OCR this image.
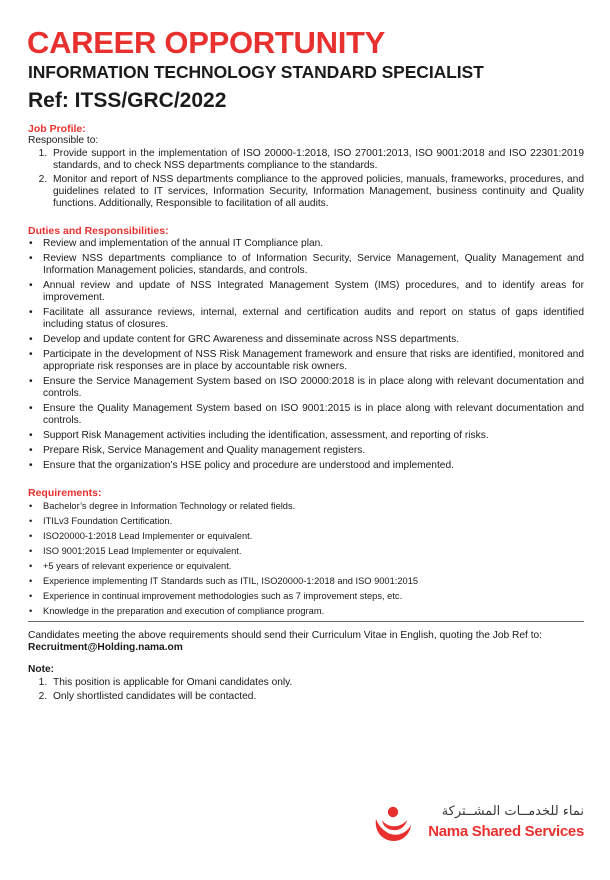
CAREER OPPORTUNITY
INFORMATION TECHNOLOGY STANDARD SPECIALIST
Ref: ITSS/GRC/2022

Job Profile:

Responsible to:

1. Provide support in the implementation of ISO 20000-1:2018, ISO 27001:2013, ISO 9001:2018 and ISO 22301:2019 standards, and to check NSS departments compliance to the standards.
2. Monitor and report of NSS departments compliance to the approved policies, manuals, frameworks, procedures, and guidelines related to IT services, Information Security, Information Management, business continuity and Quality functions. Additionally, Responsible to facilitation of all audits.

Duties and Responsibilities:

• Review and implementation of the annual IT Compliance plan.
• Review NSS departments compliance to of Information Security, Service Management, Quality Management and Information Management policies, standards, and controls.
• Annual review and update of NSS Integrated Management System (IMS) procedures, and to identify areas for improvement.
• Facilitate all assurance reviews, internal, external and certification audits and report on status of gaps identified including status of closures.
• Develop and update content for GRC Awareness and disseminate across NSS departments.
• Participate in the development of NSS Risk Management framework and ensure that risks are identified, monitored and appropriate risk responses are in place by accountable risk owners.
• Ensure the Service Management System based on ISO 20000:2018 is in place along with relevant documentation and controls.
• Ensure the Quality Management System based on ISO 9001:2015 is in place along with relevant documentation and controls.
• Support Risk Management activities including the identification, assessment, and reporting of risks.
• Prepare Risk, Service Management and Quality management registers.
• Ensure that the organization’s HSE policy and procedure are understood and implemented.

Requirements:

• Bachelor’s degree in Information Technology or related fields.
• ITILv3 Foundation Certification.
• ISO20000-1:2018 Lead Implementer or equivalent.
• ISO 9001:2015 Lead Implementer or equivalent.
• +5 years of relevant experience or equivalent.
• Experience implementing IT Standards such as ITIL, ISO20000-1:2018 and ISO 9001:2015
• Experience in continual improvement methodologies such as 7 improvement steps, etc.
• Knowledge in the preparation and execution of compliance program.

Candidates meeting the above requirements should send their Curriculum Vitae in English, quoting the Job Ref to: Recruitment@Holding.nama.om

Note:

1. This position is applicable for Omani candidates only.
2. Only shortlisted candidates will be contacted.
نماء للخدمــات المشــتركة
Nama Shared Services
